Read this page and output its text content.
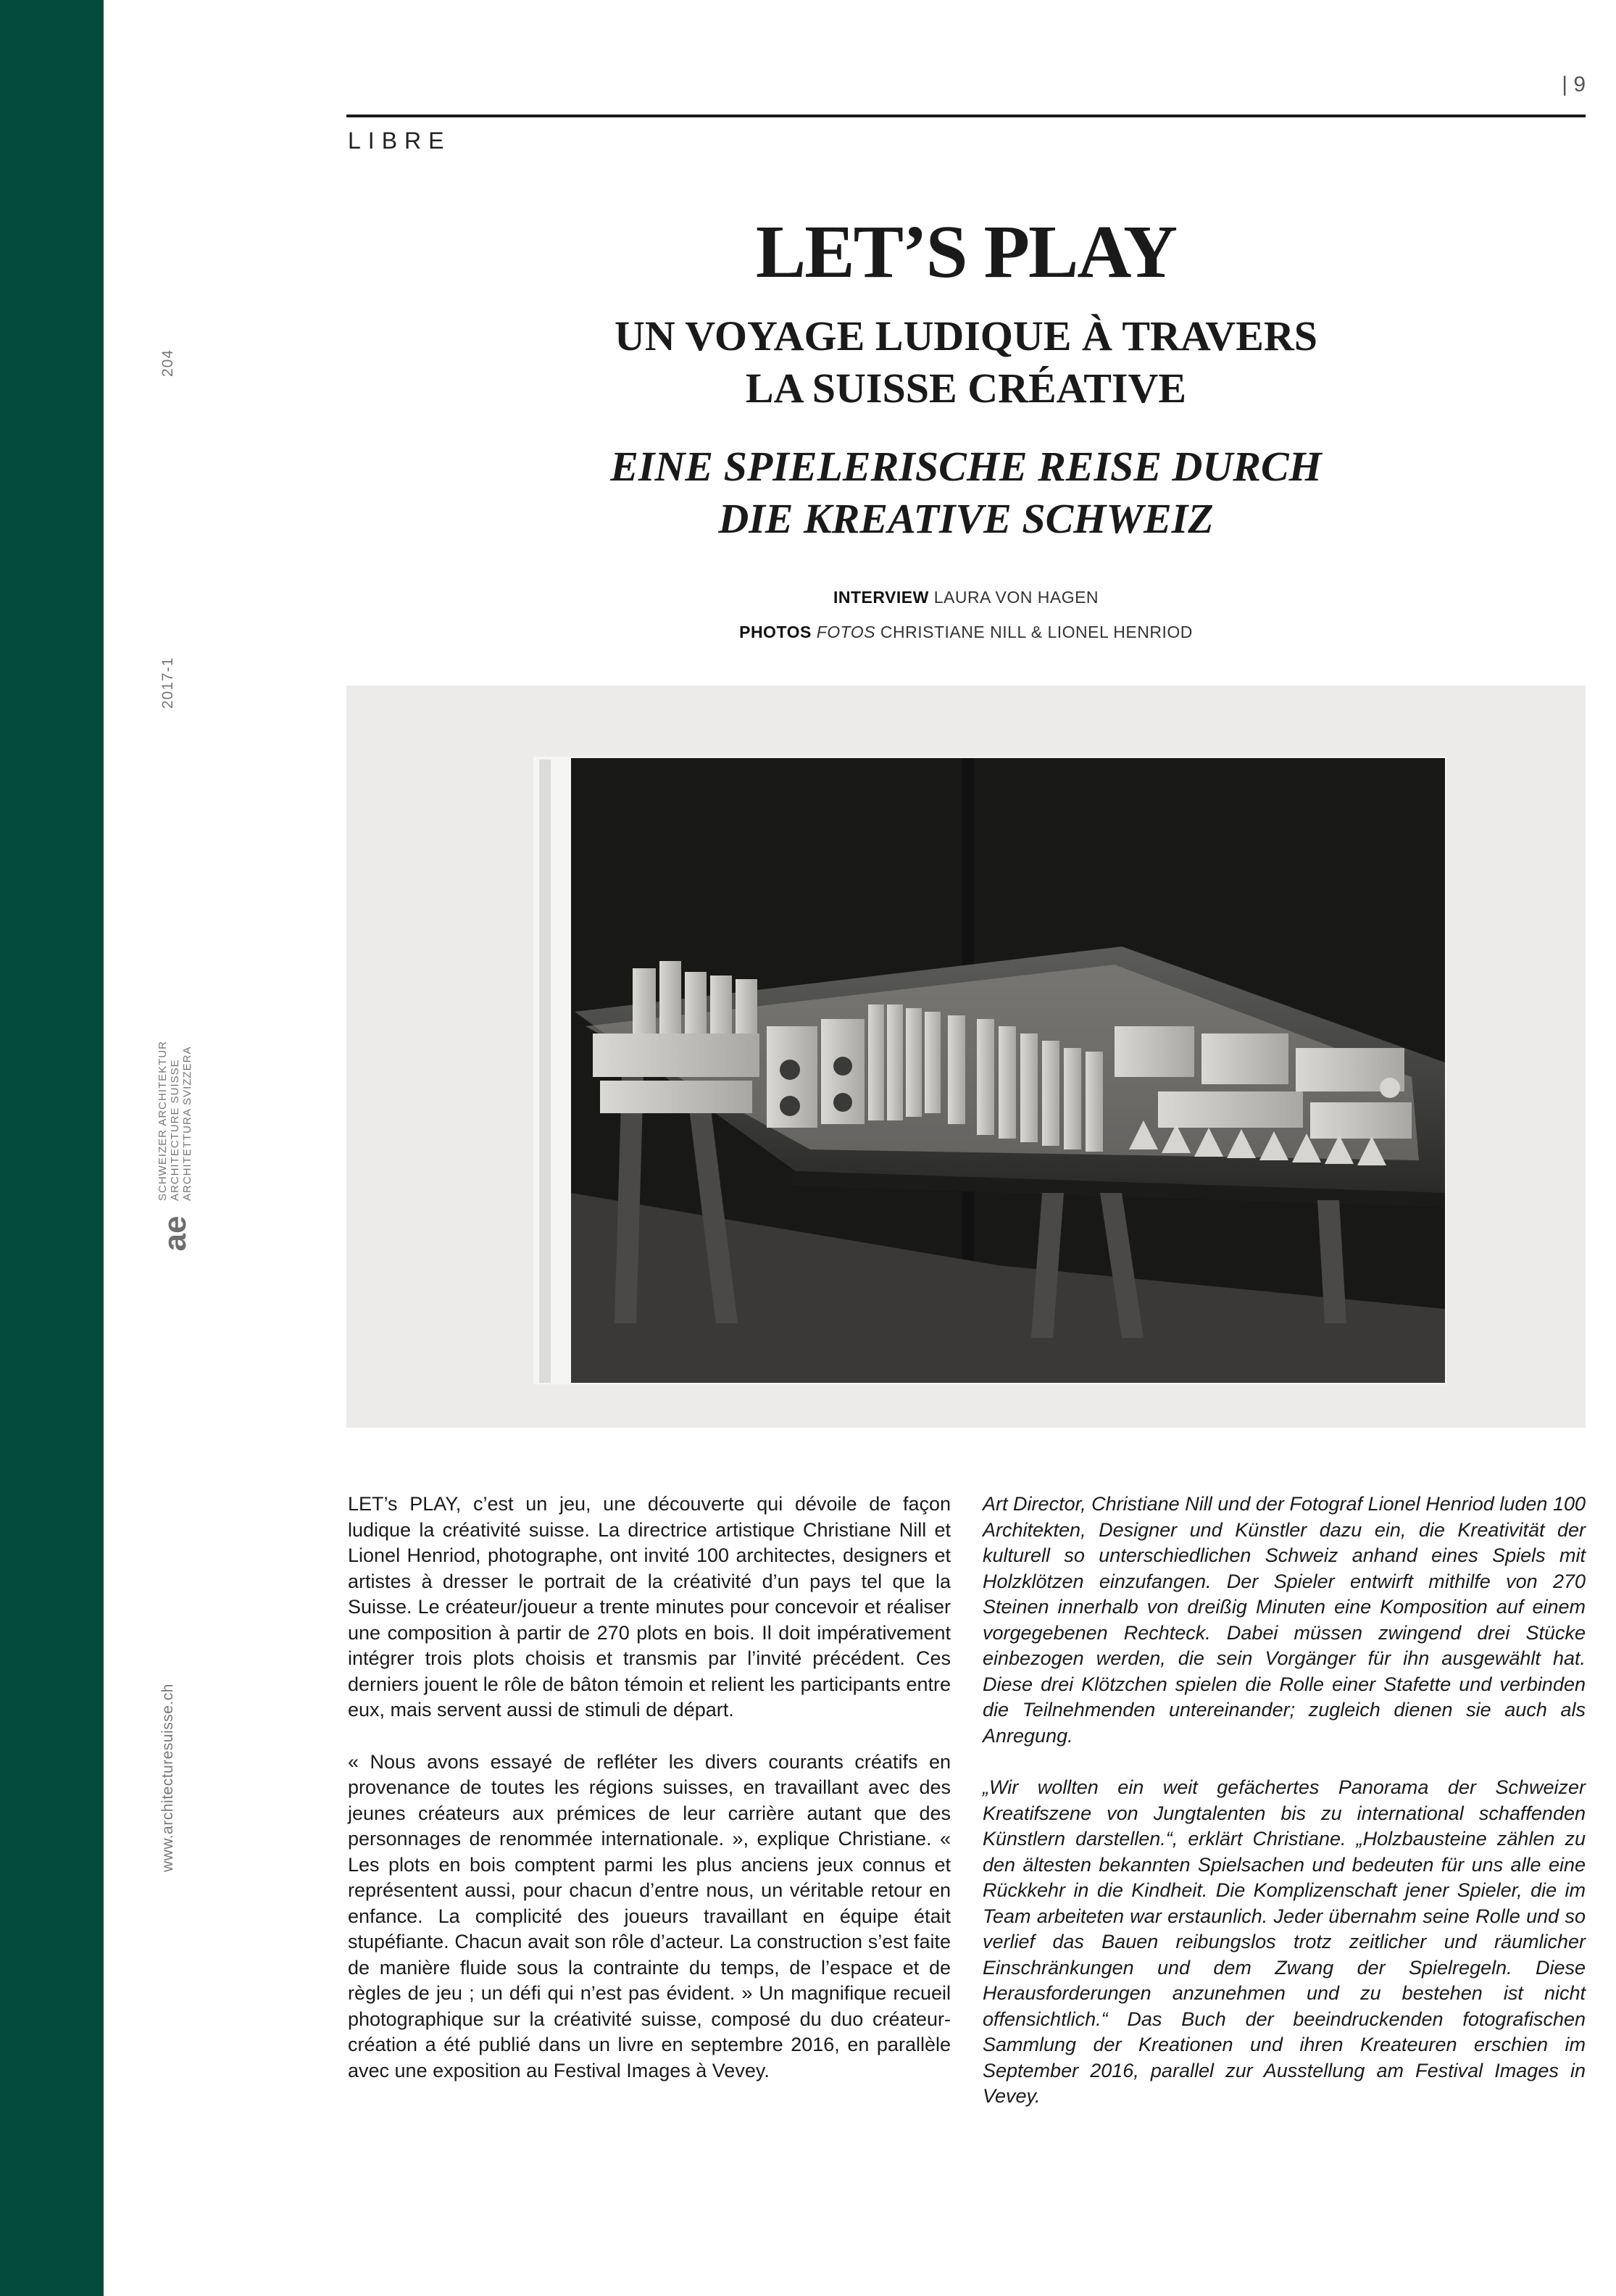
204
2017-1
ae
SCHWEIZER ARCHITEKTUR ARCHITECTURE SUISSE ARCHITETTURA SVIZZERA
www.architecturesuisse.ch
| 9
LIBRE
LET’S PLAY
UN VOYAGE LUDIQUE À TRAVERS
LA SUISSE CRÉATIVE
EINE SPIELERISCHE REISE DURCH
DIE KREATIVE SCHWEIZ
INTERVIEW LAURA VON HAGEN
PHOTOS FOTOS CHRISTIANE NILL & LIONEL HENRIOD

LET’s PLAY, c’est un jeu, une découverte qui dévoile de façon ludique la créativité suisse. La directrice artistique Christiane Nill et Lionel Henriod, photographe, ont invité 100 architectes, designers et artistes à dresser le portrait de la créativité d’un pays tel que la Suisse. Le créateur/joueur a trente minutes pour concevoir et réaliser une composition à partir de 270 plots en bois. Il doit impérativement intégrer trois plots choisis et transmis par l’invité précédent. Ces derniers jouent le rôle de bâton témoin et relient les participants entre eux, mais servent aussi de stimuli de départ.

« Nous avons essayé de refléter les divers courants créatifs en provenance de toutes les régions suisses, en travaillant avec des jeunes créateurs aux prémices de leur carrière autant que des personnages de renommée internationale. », explique Christiane. « Les plots en bois comptent parmi les plus anciens jeux connus et représentent aussi, pour chacun d’entre nous, un véritable retour en enfance. La complicité des joueurs travaillant en équipe était stupéfiante. Chacun avait son rôle d’acteur. La construction s’est faite de manière fluide sous la contrainte du temps, de l’espace et de règles de jeu ; un défi qui n’est pas évident. » Un magnifique recueil photographique sur la créativité suisse, composé du duo créateur-création a été publié dans un livre en septembre 2016, en parallèle avec une exposition au Festival Images à Vevey.

Art Director, Christiane Nill und der Fotograf Lionel Henriod luden 100 Architekten, Designer und Künstler dazu ein, die Kreativität der kulturell so unterschiedlichen Schweiz anhand eines Spiels mit Holzklötzen einzufangen. Der Spieler entwirft mithilfe von 270 Steinen innerhalb von dreißig Minuten eine Komposition auf einem vorgegebenen Rechteck. Dabei müssen zwingend drei Stücke einbezogen werden, die sein Vorgänger für ihn ausgewählt hat. Diese drei Klötzchen spielen die Rolle einer Stafette und verbinden die Teilnehmenden untereinander; zugleich dienen sie auch als Anregung.

„Wir wollten ein weit gefächertes Panorama der Schweizer Kreatifszene von Jungtalenten bis zu international schaffenden Künstlern darstellen.“, erklärt Christiane. „Holzbausteine zählen zu den ältesten bekannten Spielsachen und bedeuten für uns alle eine Rückkehr in die Kindheit. Die Komplizenschaft jener Spieler, die im Team arbeiteten war erstaunlich. Jeder übernahm seine Rolle und so verlief das Bauen reibungslos trotz zeitlicher und räumlicher Einschränkungen und dem Zwang der Spielregeln. Diese Herausforderungen anzunehmen und zu bestehen ist nicht offensichtlich.“ Das Buch der beeindruckenden fotografischen Sammlung der Kreationen und ihren Kreateuren erschien im September 2016, parallel zur Ausstellung am Festival Images in Vevey.
